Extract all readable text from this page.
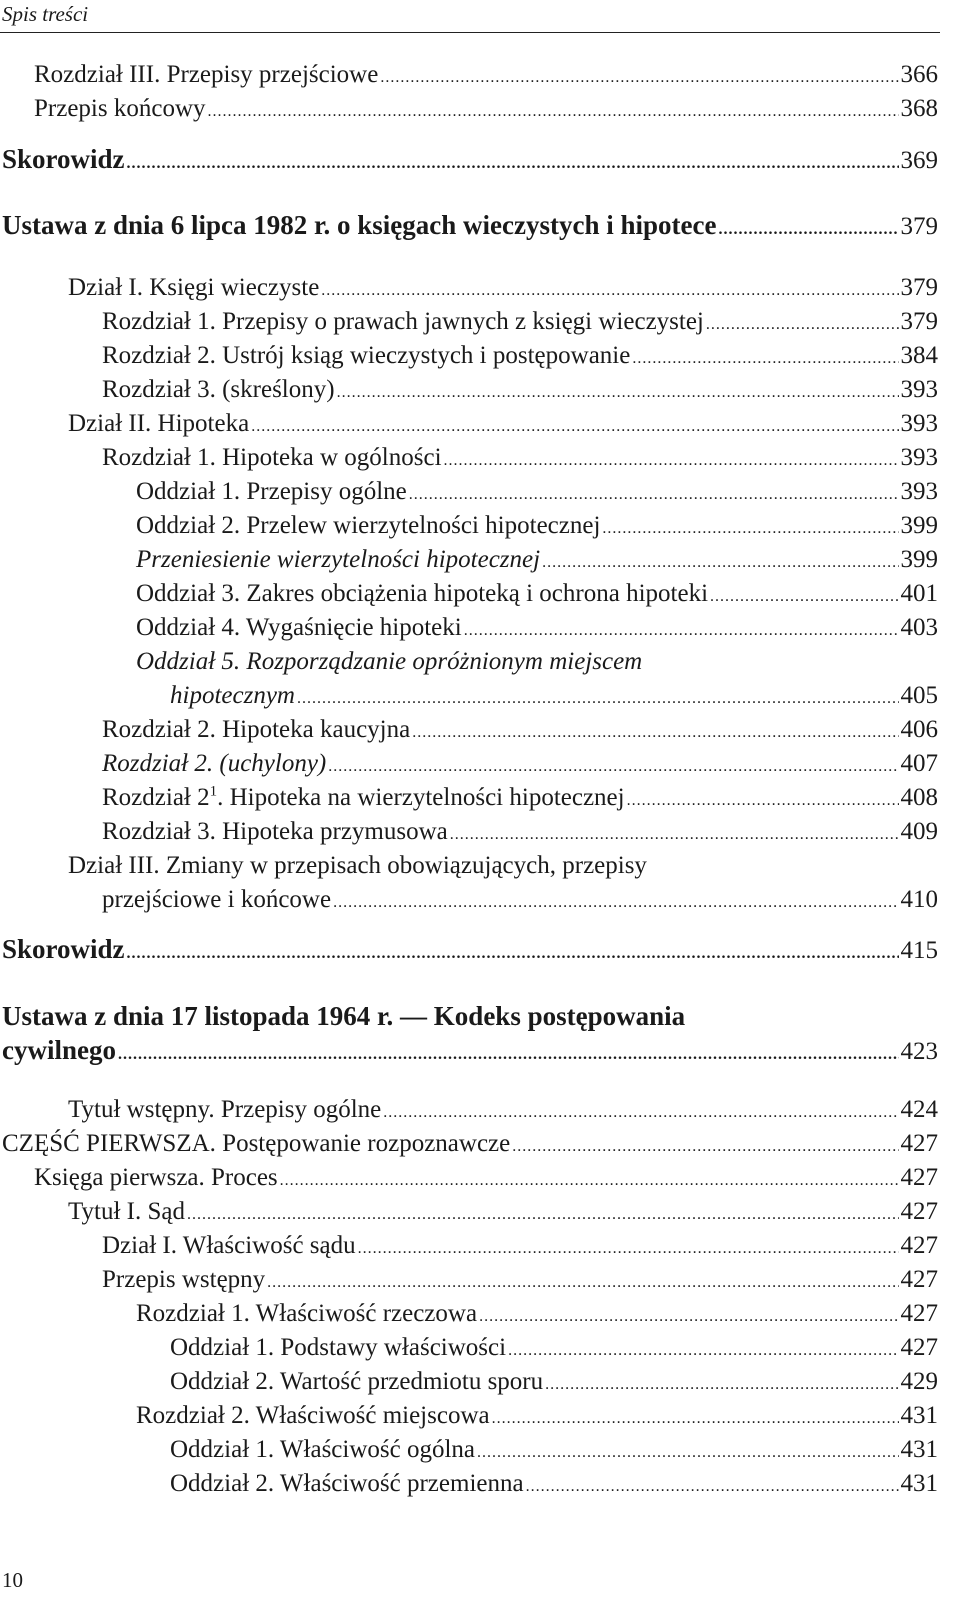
Spis treści
Rozdział III. Przepisy przejściowe .....	366
Przepis końcowy .....	368
Skorowidz .....	369
Ustawa z dnia 6 lipca 1982 r. o księgach wieczystych i hipotece .....	379
Dział I. Księgi wieczyste .....	379
Rozdział 1. Przepisy o prawach jawnych z księgi wieczystej .....	379
Rozdział 2. Ustrój ksiąg wieczystych i postępowanie .....	384
Rozdział 3. (skreślony) .....	393
Dział II. Hipoteka .....	393
Rozdział 1. Hipoteka w ogólności .....	393
Oddział 1. Przepisy ogólne .....	393
Oddział 2. Przelew wierzytelności hipotecznej .....	399
Przeniesienie wierzytelności hipotecznej .....	399
Oddział 3. Zakres obciążenia hipoteką i ochrona hipoteki .....	401
Oddział 4. Wygaśnięcie hipoteki .....	403
Oddział 5. Rozporządzanie opróżnionym miejscem
hipotecznym .....	405
Rozdział 2. Hipoteka kaucyjna .....	406
Rozdział 2. (uchylony) .....	407
Rozdział $2^1$. Hipoteka na wierzytelności hipotecznej .....	408
Rozdział 3. Hipoteka przymusowa .....	409
Dział III. Zmiany w przepisach obowiązujących, przepisy
przejściowe i końcowe .....	410
Skorowidz .....	415
Ustawa z dnia 17 listopada 1964 r. — Kodeks postępowania
cywilnego .....	423
Tytuł wstępny. Przepisy ogólne .....	424
CZĘŚĆ PIERWSZA. Postępowanie rozpoznawcze .....	427
Księga pierwsza. Proces .....	427
Tytuł I. Sąd .....	427
Dział I. Właściwość sądu .....	427
Przepis wstępny .....	427
Rozdział 1. Właściwość rzeczowa .....	427
Oddział 1. Podstawy właściwości .....	427
Oddział 2. Wartość przedmiotu sporu .....	429
Rozdział 2. Właściwość miejscowa .....	431
Oddział 1. Właściwość ogólna .....	431
Oddział 2. Właściwość przemienna .....	431
10
